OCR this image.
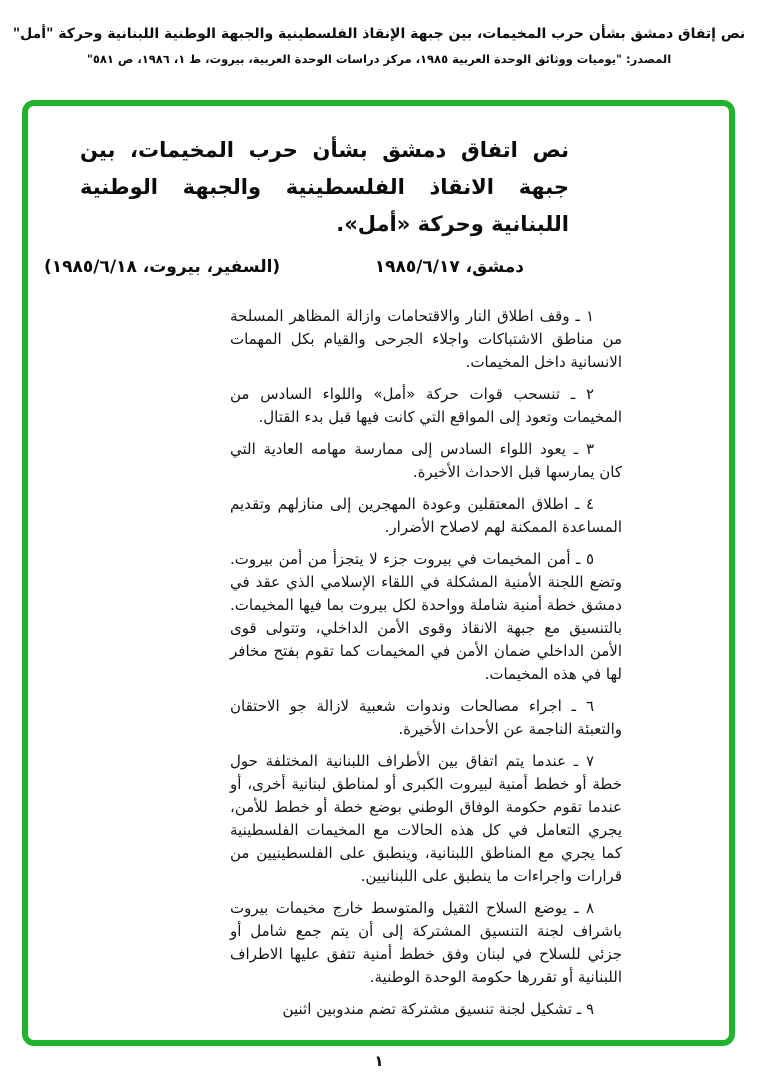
نص إتفاق دمشق بشأن حرب المخيمات، بين جبهة الإنقاذ الفلسطينية والجبهة الوطنية اللبنانية وحركة "أمل"
المصدر: "يوميات ووثائق الوحدة العربية ١٩٨٥، مركز دراسات الوحدة العربية، بيروت، ط ١، ١٩٨٦، ص ٥٨١"
نص اتفاق دمشق بشأن حرب المخيمات، بين جبهة الانقاذ الفلسطينية والجبهة الوطنية اللبنانية وحركة «أمل».
دمشق، ١٩٨٥/٦/١٧
(السفير، بيروت، ١٩٨٥/٦/١٨)

١ ـ وقف اطلاق النار والاقتحامات وازالة المظاهر المسلحة من مناطق الاشتباكات واجلاء الجرحى والقيام بكل المهمات الانسانية داخل المخيمات.

٢ ـ تنسحب قوات حركة «أمل» واللواء السادس من المخيمات وتعود إلى المواقع التي كانت فيها قبل بدء القتال.

٣ ـ يعود اللواء السادس إلى ممارسة مهامه العادية التي كان يمارسها قبل الاحداث الأخيرة.

٤ ـ اطلاق المعتقلين وعودة المهجرين إلى منازلهم وتقديم المساعدة الممكنة لهم لاصلاح الأضرار.

٥ ـ أمن المخيمات في بيروت جزء لا يتجزأ من أمن بيروت. وتضع اللجنة الأمنية المشكلة في اللقاء الإسلامي الذي عقد في دمشق خطة أمنية شاملة وواحدة لكل بيروت بما فيها المخيمات. بالتنسيق مع جبهة الانقاذ وقوى الأمن الداخلي، وتتولى قوى الأمن الداخلي ضمان الأمن في المخيمات كما تقوم بفتح مخافر لها في هذه المخيمات.

٦ ـ اجراء مصالحات وندوات شعبية لازالة جو الاحتقان والتعبئة الناجمة عن الأحداث الأخيرة.

٧ ـ عندما يتم اتفاق بين الأطراف اللبنانية المختلفة حول خطة أو خطط أمنية لبيروت الكبرى أو لمناطق لبنانية أخرى، أو عندما تقوم حكومة الوفاق الوطني بوضع خطة أو خطط للأمن، يجري التعامل في كل هذه الحالات مع المخيمات الفلسطينية كما يجري مع المناطق اللبنانية، وينطبق على الفلسطينيين من قرارات واجراءات ما ينطبق على اللبنانيين.

٨ ـ يوضع السلاح الثقيل والمتوسط خارج مخيمات بيروت باشراف لجنة التنسيق المشتركة إلى أن يتم جمع شامل أو جزئي للسلاح في لبنان وفق خطط أمنية تتفق عليها الاطراف اللبنانية أو تقررها حكومة الوحدة الوطنية.

٩ ـ تشكيل لجنة تنسيق مشتركة تضم مندوبين اثنين

١
